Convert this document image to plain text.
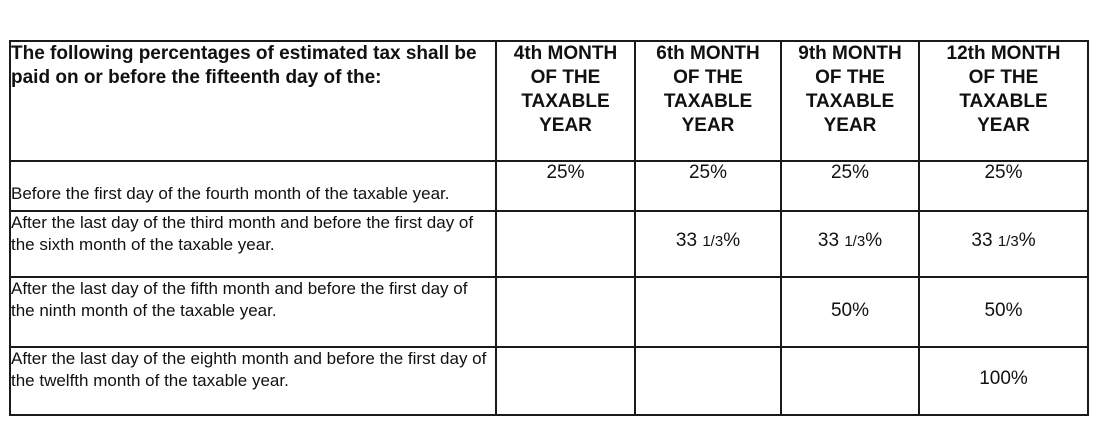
The following percentages of estimated tax shall be paid on or before the fifteenth day of the:	4th MONTH
OF THE
TAXABLE
YEAR	6th MONTH
OF THE
TAXABLE
YEAR	9th MONTH
OF THE
TAXABLE
YEAR	12th MONTH
OF THE
TAXABLE
YEAR

Before the first day of the fourth month of the taxable year.	25%	25%	25%	25%
After the last day of the third month and before the first day of the sixth month of the taxable year.		33 1/3%	33 1/3%	33 1/3%
After the last day of the fifth month and before the first day of the ninth month of the taxable year.			50%	50%
After the last day of the eighth month and before the first day of the twelfth month of the taxable year.				100%
